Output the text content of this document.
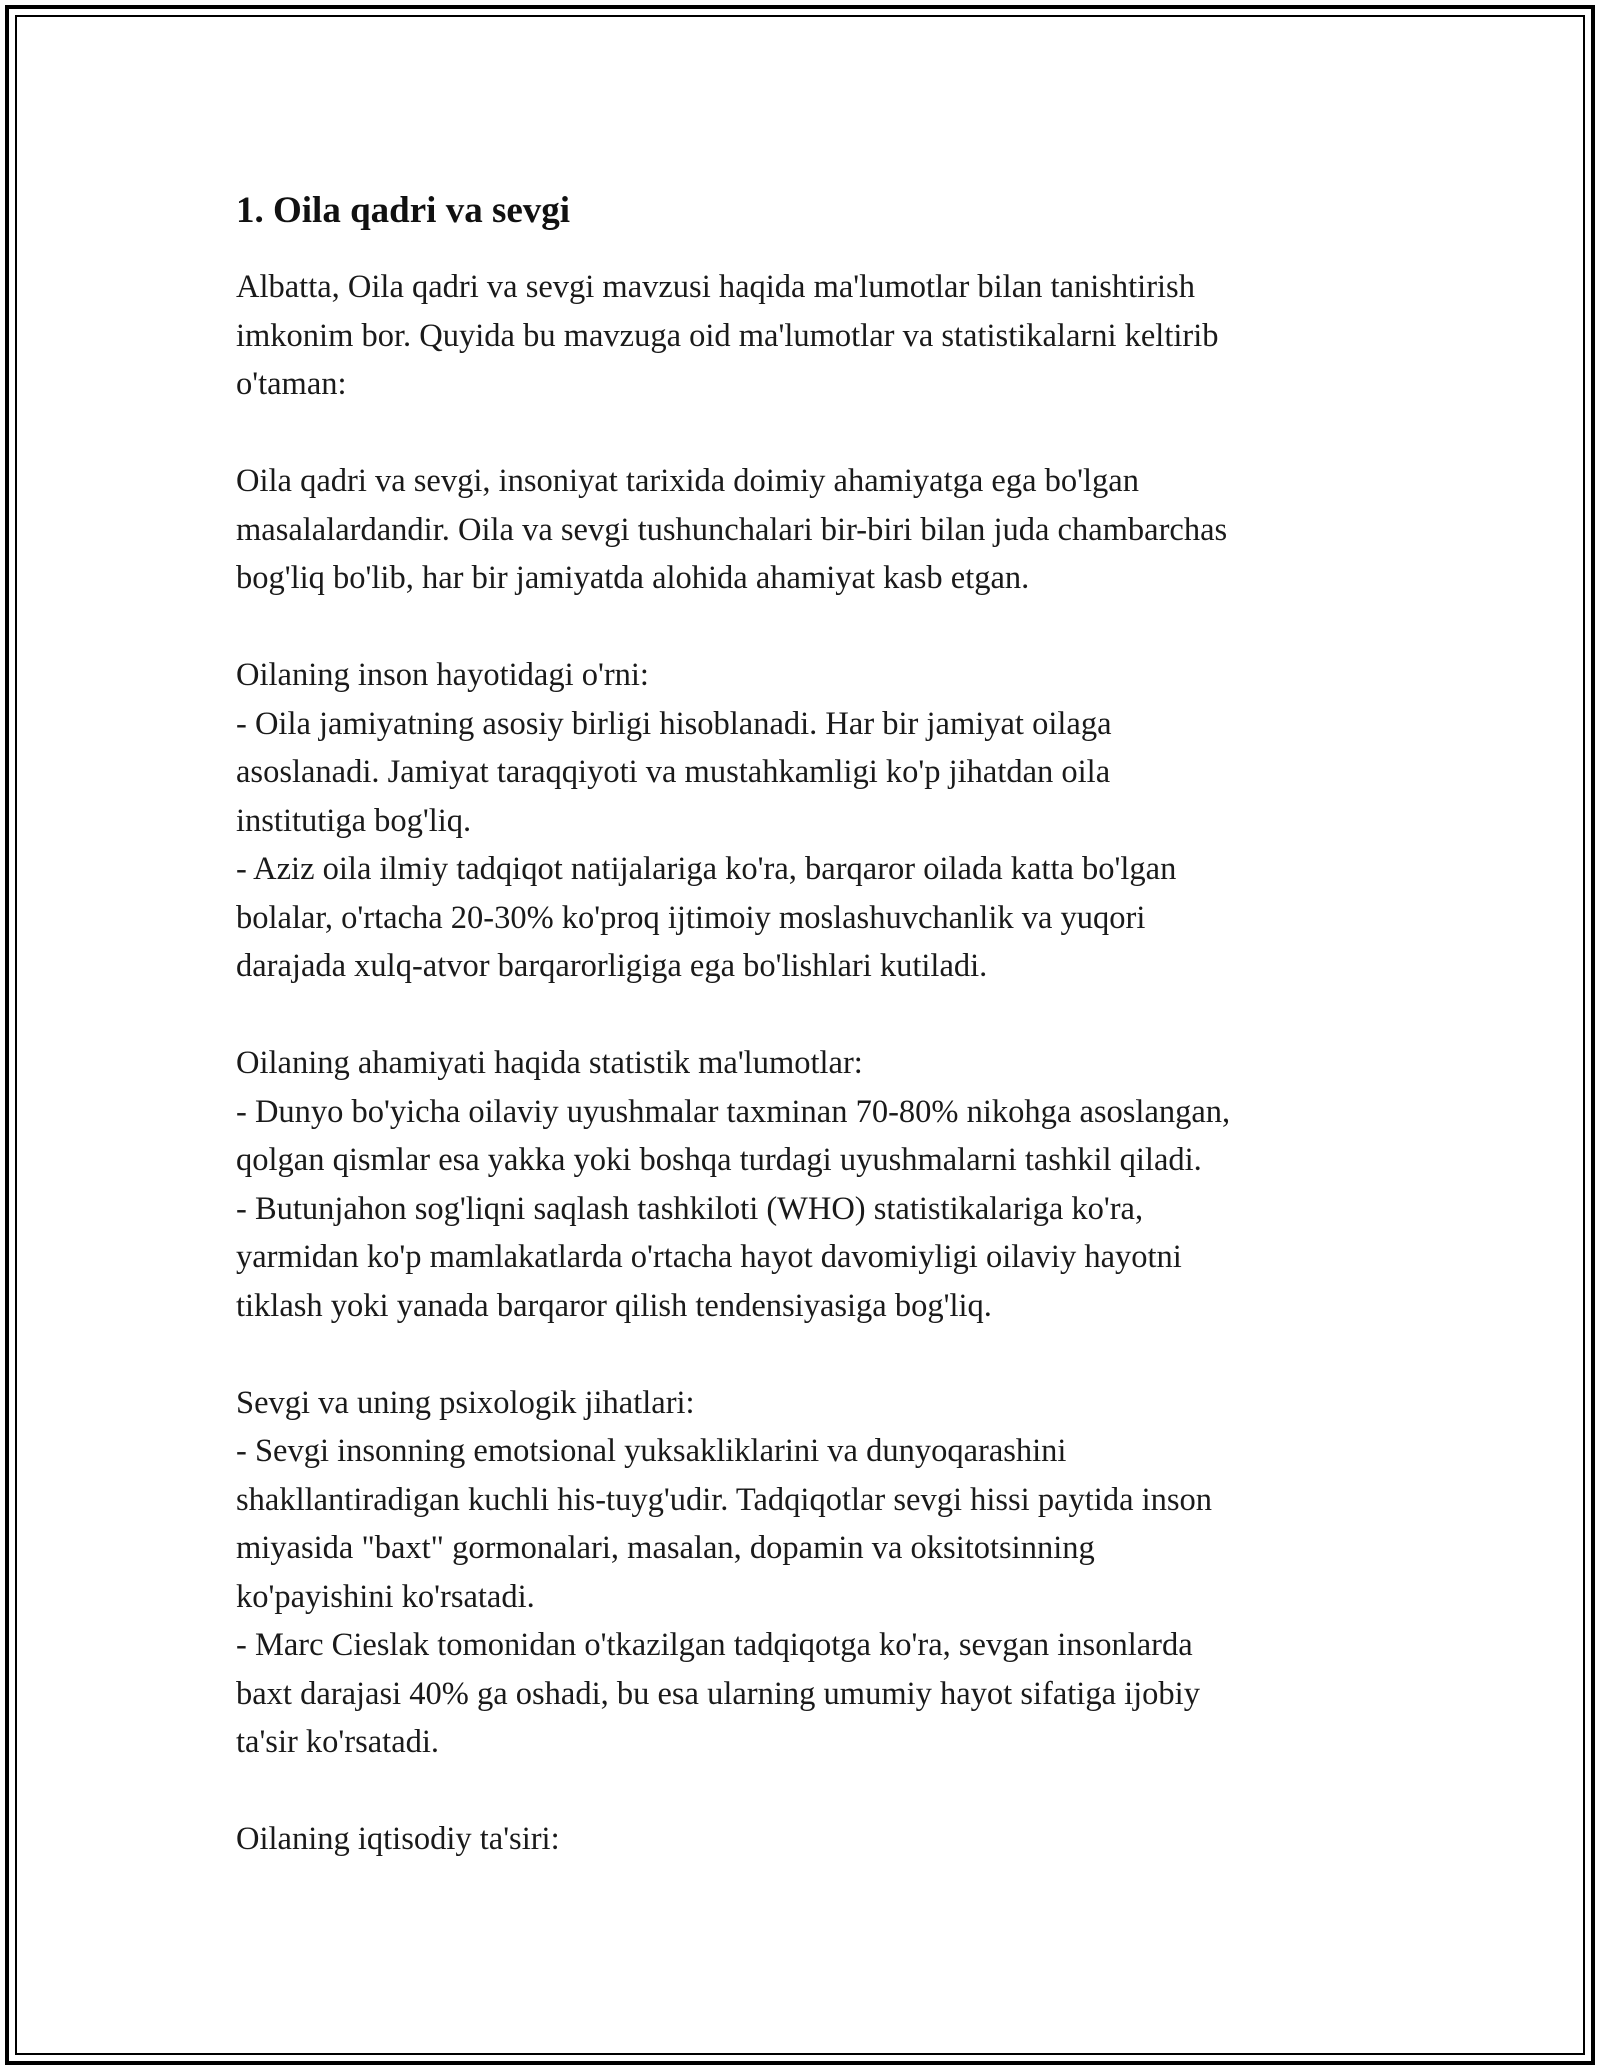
1. Oila qadri va sevgi

Albatta, Oila qadri va sevgi mavzusi haqida ma'lumotlar bilan tanishtirish
imkonim bor. Quyida bu mavzuga oid ma'lumotlar va statistikalarni keltirib
o'taman:

Oila qadri va sevgi, insoniyat tarixida doimiy ahamiyatga ega bo'lgan
masalalardandir. Oila va sevgi tushunchalari bir-biri bilan juda chambarchas
bog'liq bo'lib, har bir jamiyatda alohida ahamiyat kasb etgan.

Oilaning inson hayotidagi o'rni:
- Oila jamiyatning asosiy birligi hisoblanadi. Har bir jamiyat oilaga
asoslanadi. Jamiyat taraqqiyoti va mustahkamligi ko'p jihatdan oila
institutiga bog'liq.
- Aziz oila ilmiy tadqiqot natijalariga ko'ra, barqaror oilada katta bo'lgan
bolalar, o'rtacha 20-30% ko'proq ijtimoiy moslashuvchanlik va yuqori
darajada xulq-atvor barqarorligiga ega bo'lishlari kutiladi.

Oilaning ahamiyati haqida statistik ma'lumotlar:
- Dunyo bo'yicha oilaviy uyushmalar taxminan 70-80% nikohga asoslangan,
qolgan qismlar esa yakka yoki boshqa turdagi uyushmalarni tashkil qiladi.
- Butunjahon sog'liqni saqlash tashkiloti (WHO) statistikalariga ko'ra,
yarmidan ko'p mamlakatlarda o'rtacha hayot davomiyligi oilaviy hayotni
tiklash yoki yanada barqaror qilish tendensiyasiga bog'liq.

Sevgi va uning psixologik jihatlari:
- Sevgi insonning emotsional yuksakliklarini va dunyoqarashini
shakllantiradigan kuchli his-tuyg'udir. Tadqiqotlar sevgi hissi paytida inson
miyasida "baxt" gormonalari, masalan, dopamin va oksitotsinning
ko'payishini ko'rsatadi.
- Marc Cieslak tomonidan o'tkazilgan tadqiqotga ko'ra, sevgan insonlarda
baxt darajasi 40% ga oshadi, bu esa ularning umumiy hayot sifatiga ijobiy
ta'sir ko'rsatadi.

Oilaning iqtisodiy ta'siri:
